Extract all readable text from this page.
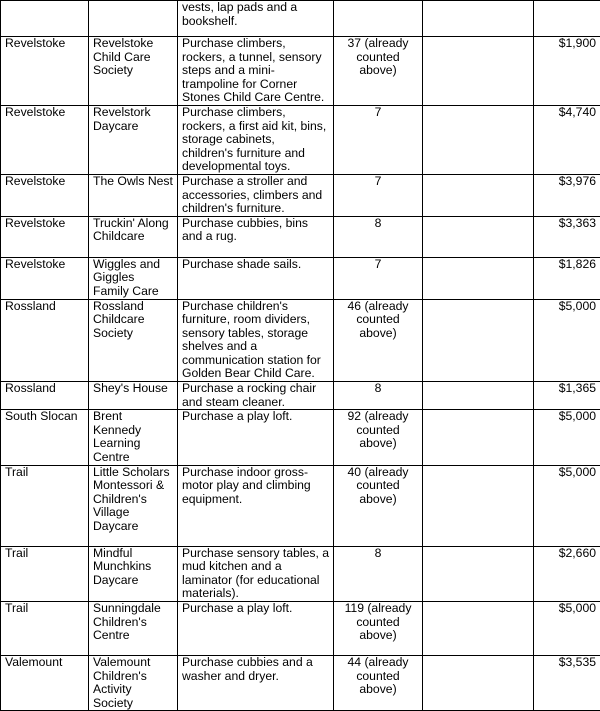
		vests, lap pads and a bookshelf.			
Revelstoke	Revelstoke Child Care Society	Purchase climbers, rockers, a tunnel, sensory steps and a mini-trampoline for Corner Stones Child Care Centre.	37 (already counted above)		$1,900
Revelstoke	Revelstork Daycare	Purchase climbers, rockers, a first aid kit, bins, storage cabinets, children's furniture and developmental toys.	7		$4,740
Revelstoke	The Owls Nest	Purchase a stroller and accessories, climbers and children's furniture.	7		$3,976
Revelstoke	Truckin' Along Childcare	Purchase cubbies, bins and a rug.	8		$3,363
Revelstoke	Wiggles and Giggles Family Care	Purchase shade sails.	7		$1,826
Rossland	Rossland Childcare Society	Purchase children's furniture, room dividers, sensory tables, storage shelves and a communication station for Golden Bear Child Care.	46 (already counted above)		$5,000
Rossland	Shey's House	Purchase a rocking chair and steam cleaner.	8		$1,365
South Slocan	Brent Kennedy Learning Centre	Purchase a play loft.	92 (already counted above)		$5,000
Trail	Little Scholars Montessori & Children's Village Daycare	Purchase indoor gross-motor play and climbing equipment.	40 (already counted above)		$5,000
Trail	Mindful Munchkins Daycare	Purchase sensory tables, a mud kitchen and a laminator (for educational materials).	8		$2,660
Trail	Sunningdale Children's Centre	Purchase a play loft.	119 (already counted above)		$5,000
Valemount	Valemount Children's Activity Society	Purchase cubbies and a washer and dryer.	44 (already counted above)		$3,535
